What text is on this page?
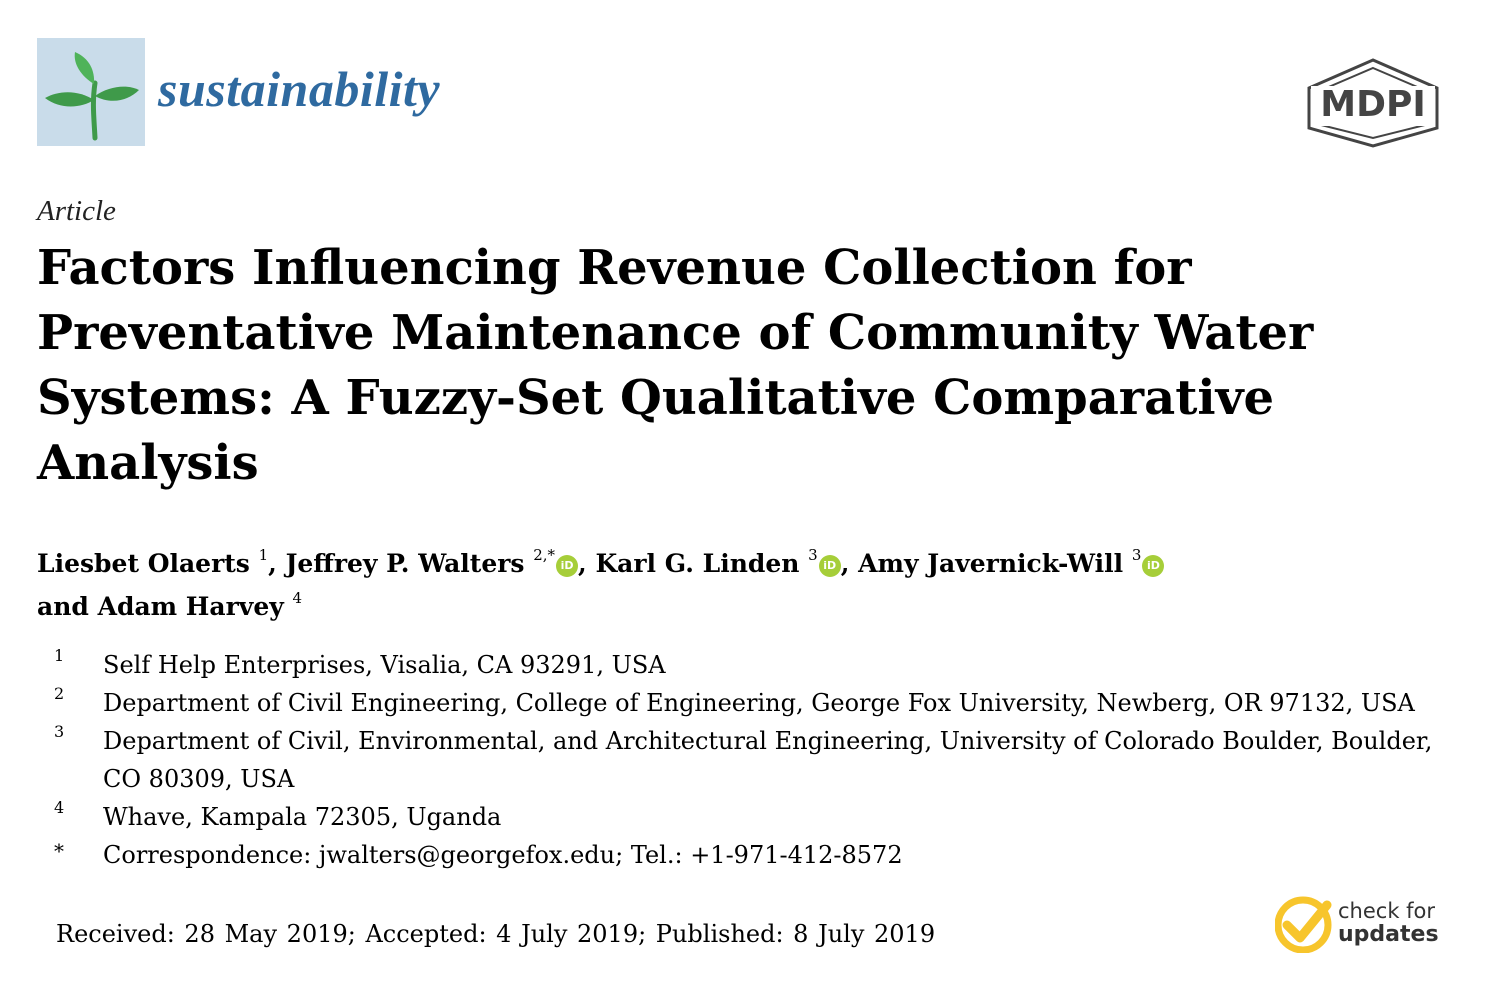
sustainability	MDPI
Article
Factors Influencing Revenue Collection for Preventative Maintenance of Community Water Systems: A Fuzzy-Set Qualitative Comparative Analysis
Liesbet Olaerts $^1$, Jeffrey P. Walters $^{2,*}$iD , Karl G. Linden $^3$iD , Amy Javernick-Will $^3$iD
and Adam Harvey $^4$
1 Self Help Enterprises, Visalia, CA 93291, USA
2 Department of Civil Engineering, College of Engineering, George Fox University, Newberg, OR 97132, USA
3 Department of Civil, Environmental, and Architectural Engineering, University of Colorado Boulder, Boulder, CO 80309, USA
4 Whave, Kampala 72305, Uganda
* Correspondence: jwalters@georgefox.edu; Tel.: +1-971-412-8572
Received: 28 May 2019; Accepted: 4 July 2019; Published: 8 July 2019
check for
updates
